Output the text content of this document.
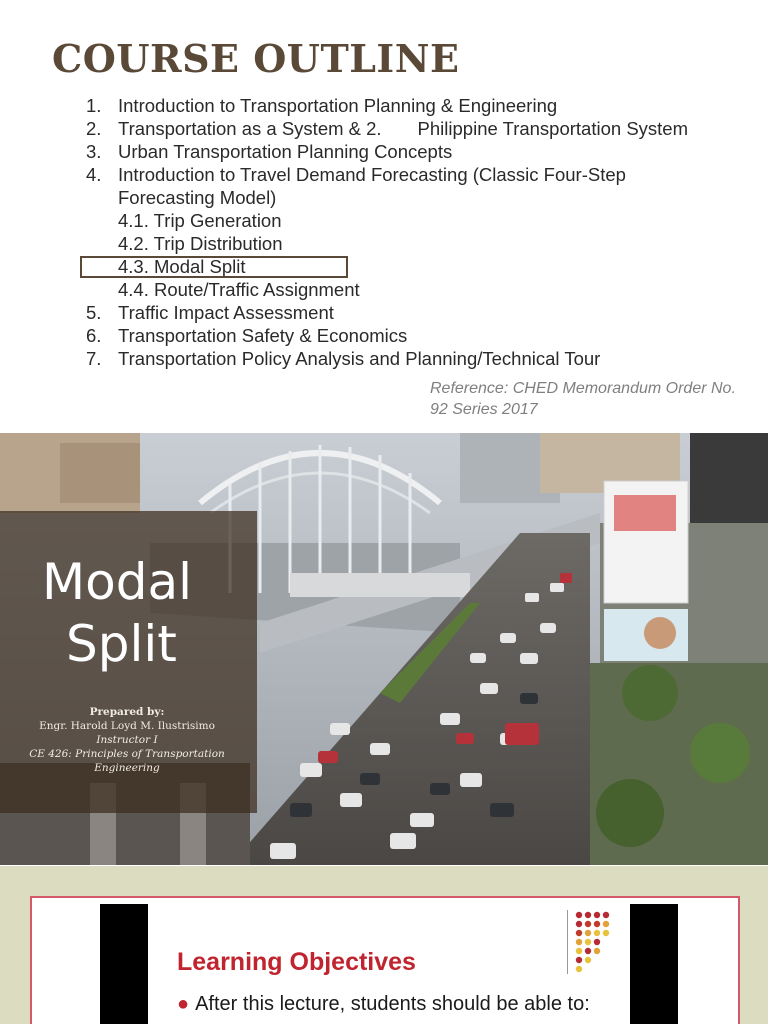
COURSE OUTLINE
1. Introduction to Transportation Planning & Engineering
2. Transportation as a System & 2.       Philippine Transportation System
3. Urban Transportation Planning Concepts
4. Introduction to Travel Demand Forecasting (Classic Four-Step
Forecasting Model)
4.1. Trip Generation
4.2. Trip Distribution
4.3. Modal Split
4.4. Route/Traffic Assignment
5. Traffic Impact Assessment
6. Transportation Safety & Economics
7. Transportation Policy Analysis and Planning/Technical Tour
Reference: CHED Memorandum Order No.
92 Series 2017
Modal
Split
Prepared by:
Engr. Harold Loyd M. Ilustrisimo
Instructor I
CE 426: Principles of Transportation
Engineering
Learning Objectives
● After this lecture, students should be able to:
